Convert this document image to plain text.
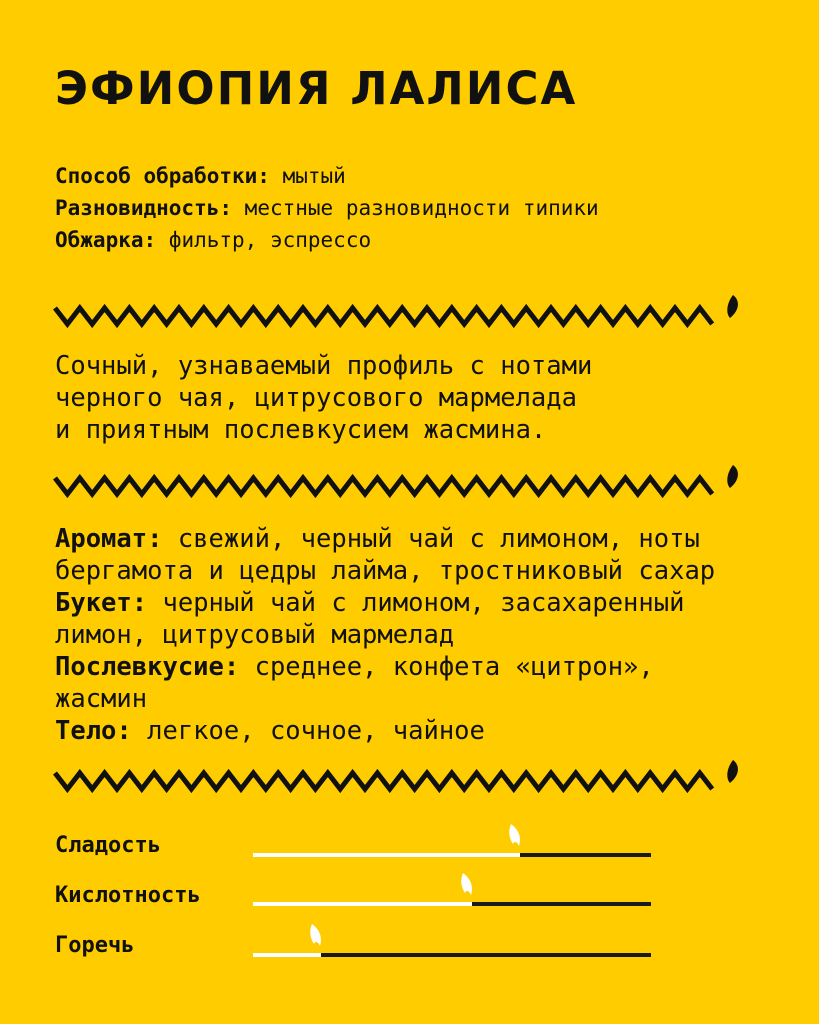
ЭФИОПИЯ ЛАЛИСА
Способ обработки: мытый
Разновидность: местные разновидности типики
Обжарка: фильтр, эспрессо
Сочный, узнаваемый профиль с нотами
черного чая, цитрусового мармелада
и приятным послевкусием жасмина.
Аромат: свежий, черный чай с лимоном, ноты бергамота и цедры лайма, тростниковый сахар
Букет: черный чай с лимоном, засахаренный лимон, цитрусовый мармелад
Послевкусие: среднее, конфета «цитрон», жасмин
Тело: легкое, сочное, чайное
Сладость
Кислотность
Горечь
